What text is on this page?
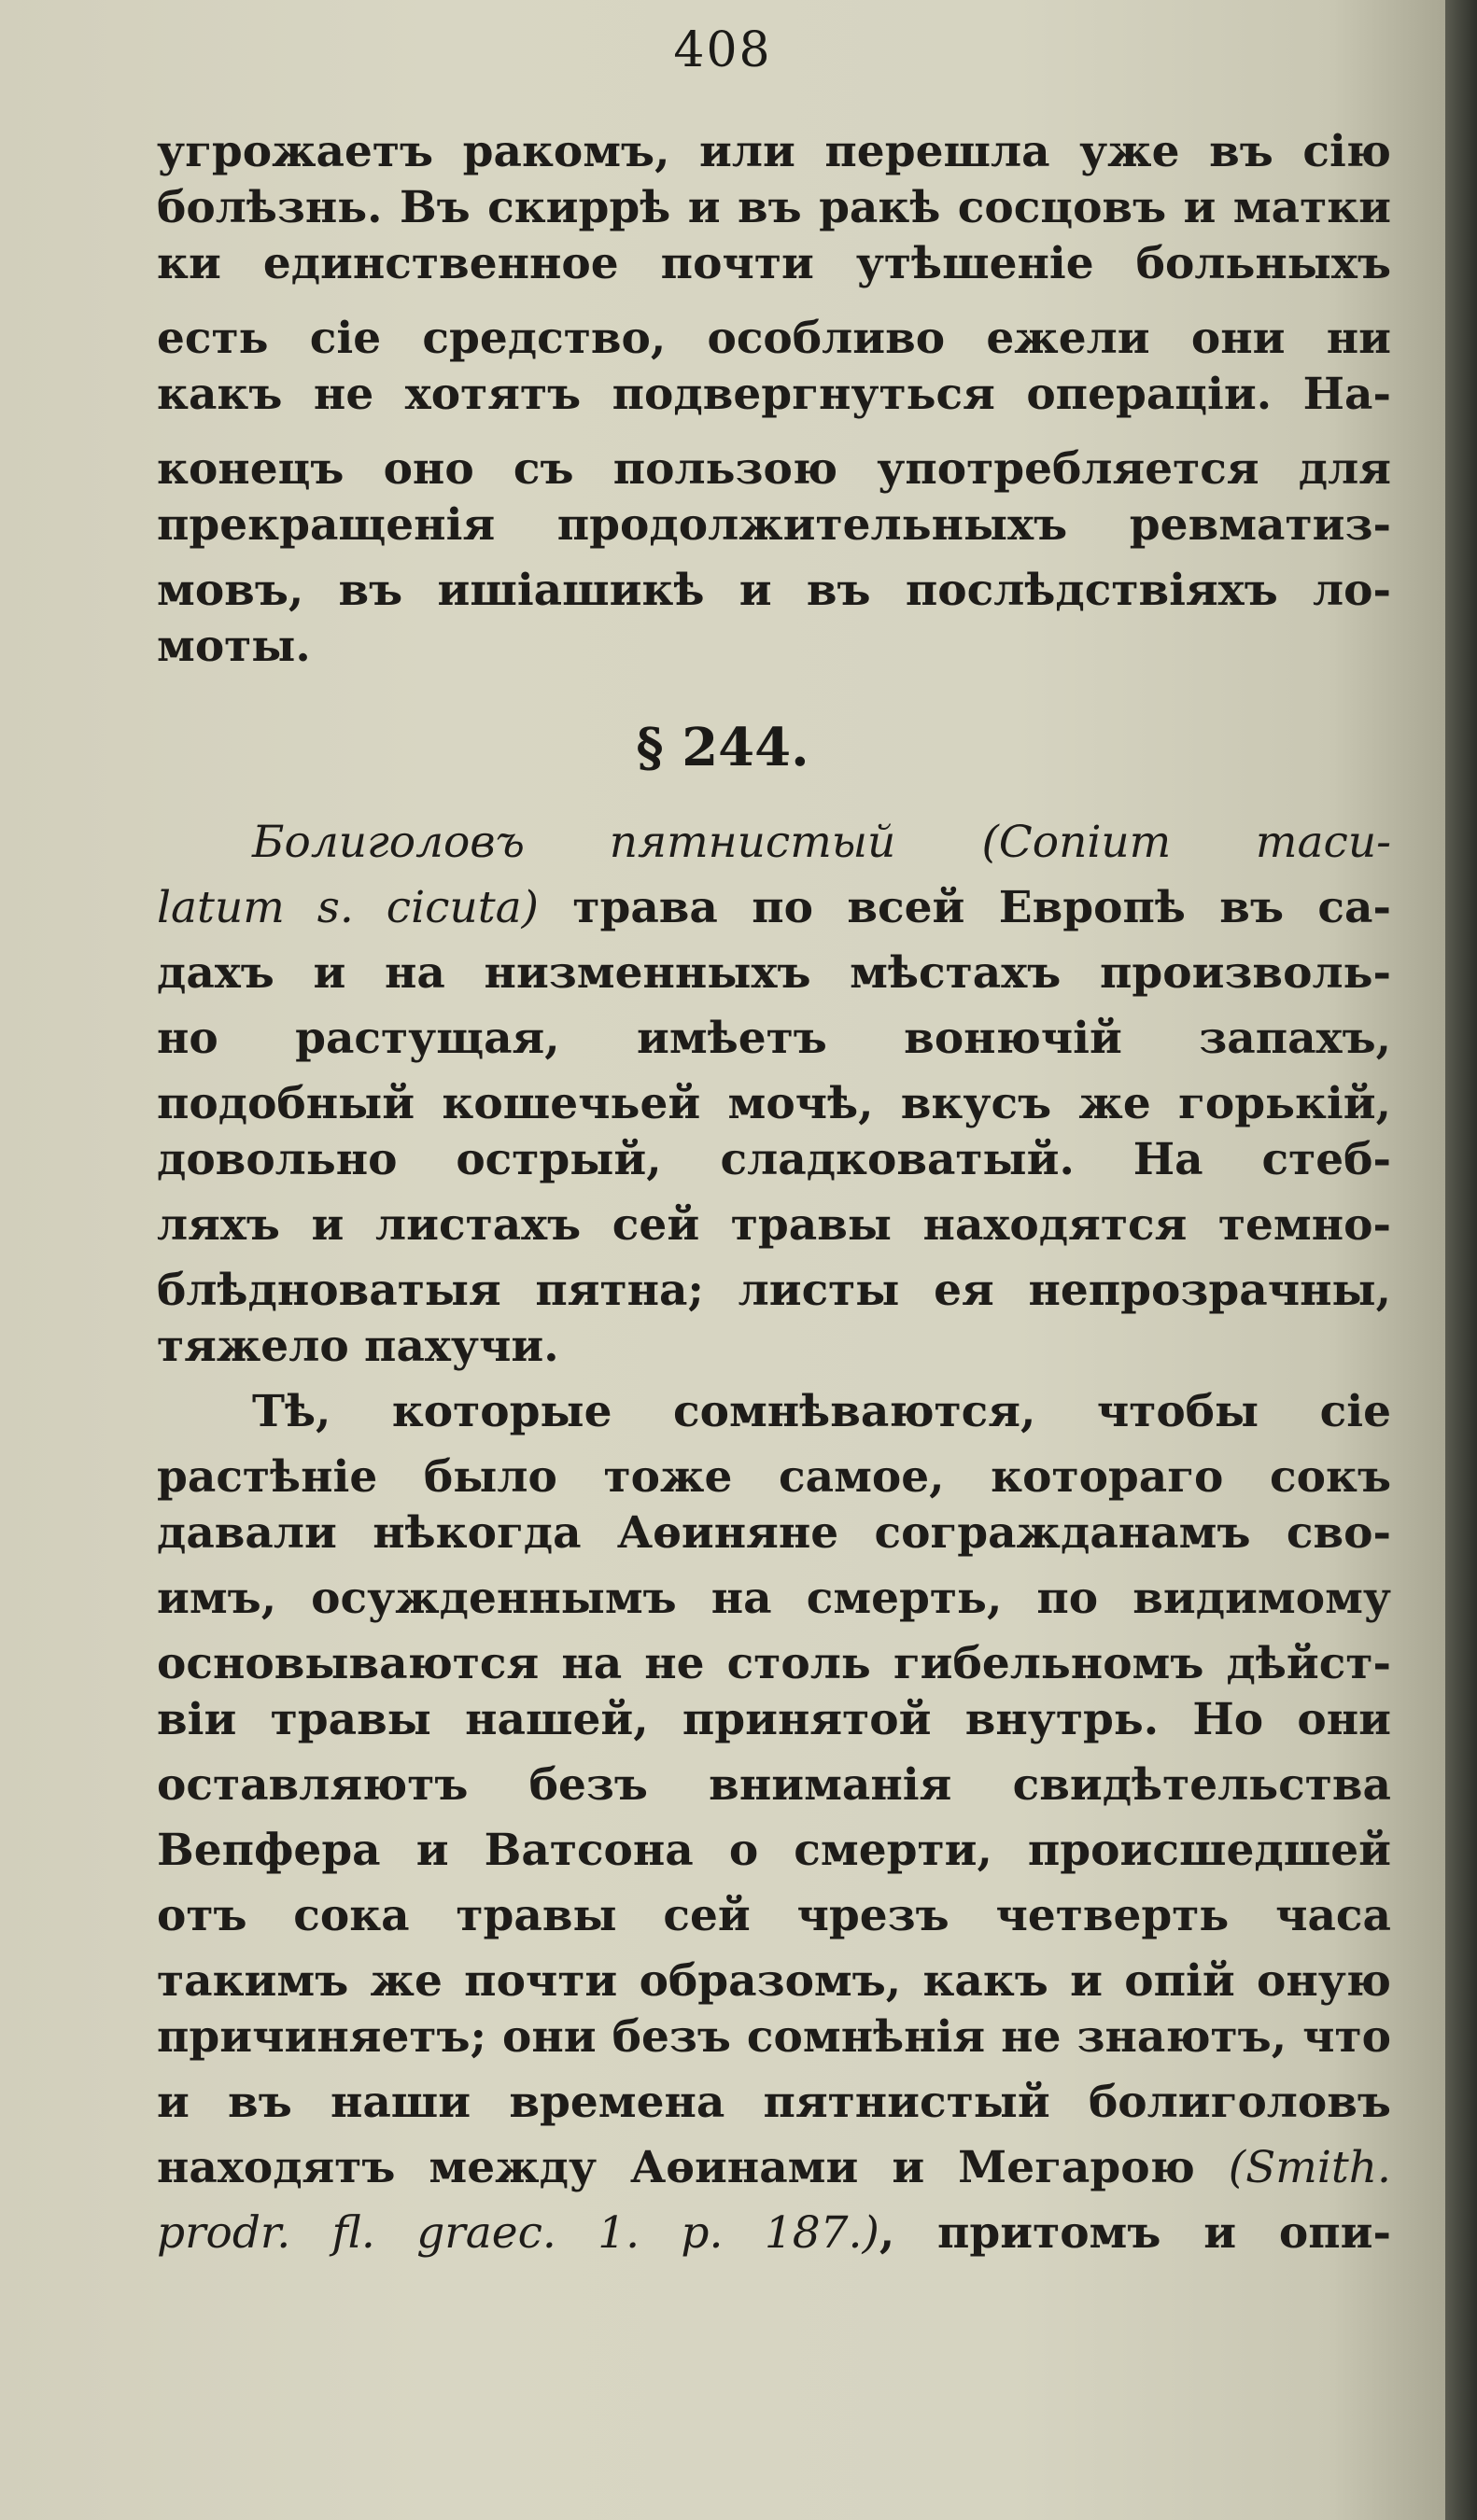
408
угрожаетъ ракомъ, или перешла уже въ сію
болѣзнь. Въ скиррѣ и въ ракѣ сосцовъ и матки
ки единственное почти утѣшеніе больныхъ
есть сіе средство, особливо ежели они ни
какъ не хотятъ подвергнуться операціи. На-
конецъ оно съ пользою употребляется для
прекращенія продолжительныхъ ревматиз-
мовъ, въ ишіашикѣ и въ послѣдствіяхъ ло-
моты.
§ 244.
Болиголовъ пятнистый (Conium macu-
latum s. cicuta) трава по всей Европѣ въ са-
дахъ и на низменныхъ мѣстахъ произволь-
но растущая, имѣетъ вонючій запахъ,
подобный кошечьей мочѣ, вкусъ же горькій,
довольно острый, сладковатый. На стеб-
ляхъ и листахъ сей травы находятся темно-
блѣдноватыя пятна; листы ея непрозрачны,
тяжело пахучи.
Тѣ, которые сомнѣваются, чтобы сіе
растѣніе было тоже самое, котораго сокъ
давали нѣкогда Аѳиняне согражданамъ сво-
имъ, осужденнымъ на смерть, по видимому
основываются на не столь гибельномъ дѣйст-
віи травы нашей, принятой внутрь. Но они
оставляютъ безъ вниманія свидѣтельства
Вепфера и Ватсона о смерти, происшедшей
отъ сока травы сей чрезъ четверть часа
такимъ же почти образомъ, какъ и опій оную
причиняетъ; они безъ сомнѣнія не знаютъ, что
и въ наши времена пятнистый болиголовъ
находятъ между Аѳинами и Мегарою (Smith.
prodr. fl. graec. 1. p. 187.), притомъ и опи-
